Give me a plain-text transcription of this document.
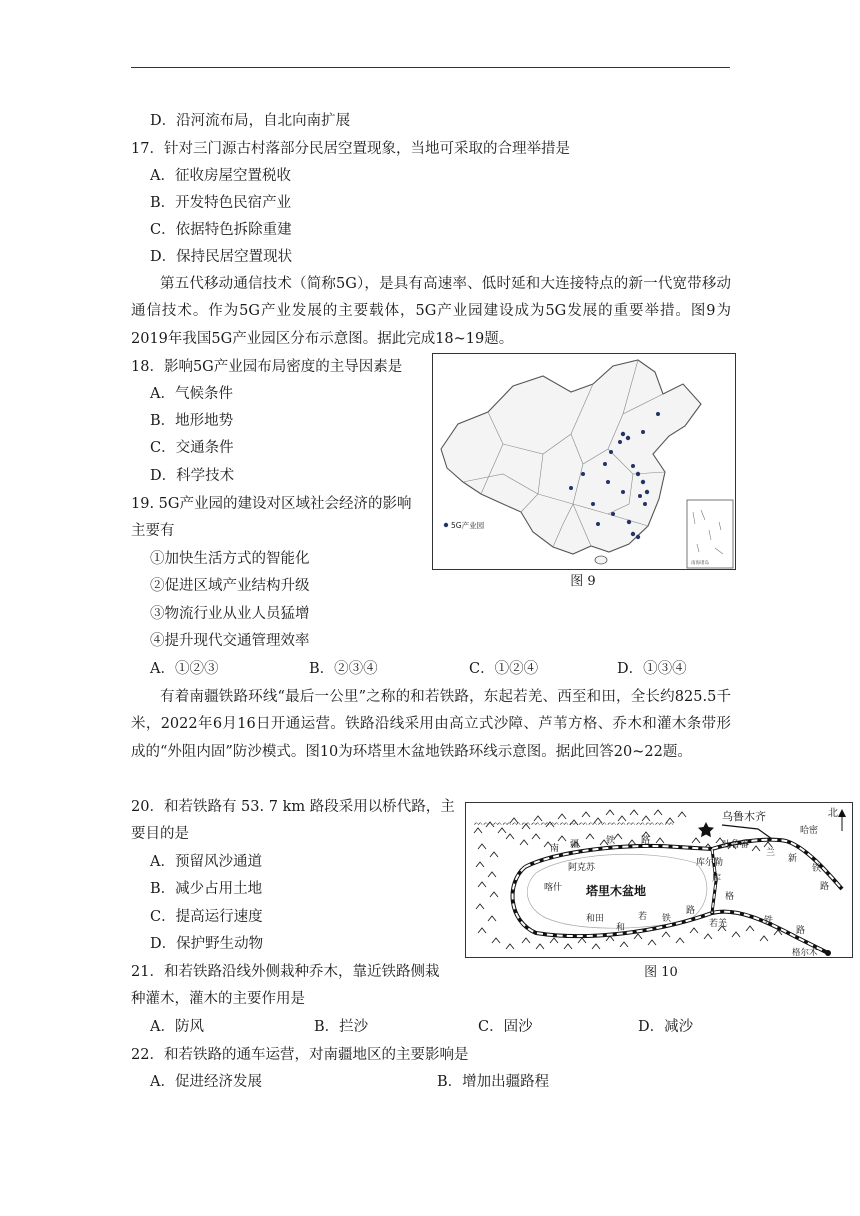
D．沿河流布局，自北向南扩展
17．针对三门源古村落部分民居空置现象，当地可采取的合理举措是
A．征收房屋空置税收
B．开发特色民宿产业
C．依据特色拆除重建
D．保持民居空置现状
第五代移动通信技术（简称5G），是具有高速率、低时延和大连接特点的新一代宽带移动通信技术。作为5G产业发展的主要载体，5G产业园建设成为5G发展的重要举措。图9为2019年我国5G产业园区分布示意图。据此完成18~19题。
18．影响5G产业园布局密度的主导因素是
A．气候条件
B．地形地势
C．交通条件
D．科学技术
19. 5G产业园的建设对区域社会经济的影响
主要有
①加快生活方式的智能化
②促进区域产业结构升级
③物流行业从业人员猛增
④提升现代交通管理效率
A．①②③	B．②③④	C．①②④	D．①③④
5G产业园
南海诸岛
图 9
有着南疆铁路环线“最后一公里”之称的和若铁路，东起若羌、西至和田，全长约825.5千米，2022年6月16日开通运营。铁路沿线采用由高立式沙障、芦苇方格、乔木和灌木条带形成的“外阻内固”防沙模式。图10为环塔里木盆地铁路环线示意图。据此回答20~22题。
20．和若铁路有 53. 7 km 路段采用以桥代路，主
要目的是
A．预留风沙通道
B．减少占用土地
C．提高运行速度
D．保护野生动物
ᨓᨓᨓᨓᨓᨓᨓᨓᨓᨓᨓᨓᨓᨓᨓᨓᨓᨓᨓᨓᨓ
北
乌鲁木齐
吐鲁番
哈密
库尔勒
阿克苏
喀什
和田	若羌
格尔木
塔里木盆地
南 疆	铁	路
兰
新
铁
路
库
格
铁
路
和
若 铁
路
图 10
21．和若铁路沿线外侧栽种乔木，靠近铁路侧栽
种灌木，灌木的主要作用是
A．防风	B．拦沙	C．固沙	D．减沙
22．和若铁路的通车运营，对南疆地区的主要影响是
A．促进经济发展	B．增加出疆路程
